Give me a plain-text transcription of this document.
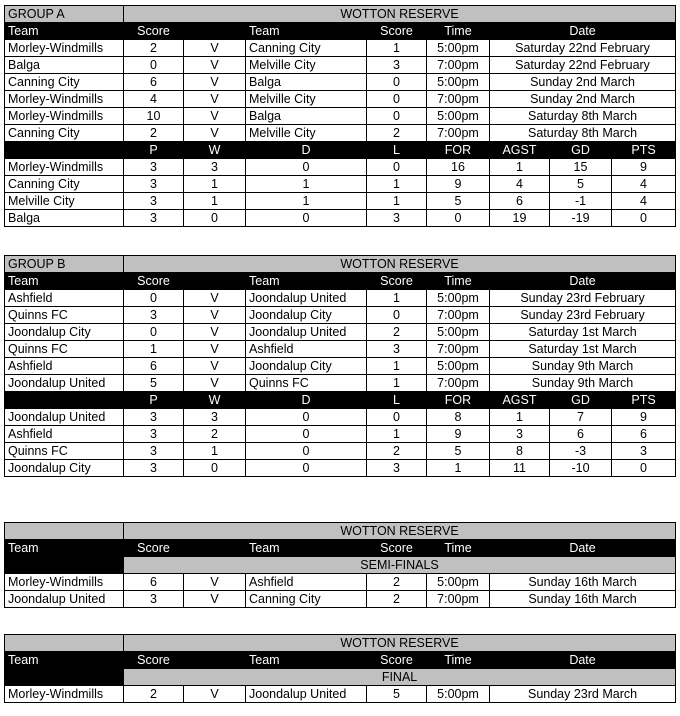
GROUP A	WOTTON RESERVE							
Team	Score		Team	Score	Time	Date		
Morley-Windmills	2	V	Canning City	1	5:00pm	Saturday 22nd February		
Balga	0	V	Melville City	3	7:00pm	Saturday 22nd February		
Canning City	6	V	Balga	0	5:00pm	Sunday 2nd March		
Morley-Windmills	4	V	Melville City	0	7:00pm	Sunday 2nd March		
Morley-Windmills	10	V	Balga	0	5:00pm	Saturday 8th March		
Canning City	2	V	Melville City	2	7:00pm	Saturday 8th March		
	P	W	D	L	FOR	AGST	GD	PTS
Morley-Windmills	3	3	0	0	16	1	15	9
Canning City	3	1	1	1	9	4	5	4
Melville City	3	1	1	1	5	6	-1	4
Balga	3	0	0	3	0	19	-19	0
GROUP B	WOTTON RESERVE							
Team	Score		Team	Score	Time	Date		
Ashfield	0	V	Joondalup United	1	5:00pm	Sunday 23rd February		
Quinns FC	3	V	Joondalup City	0	7:00pm	Sunday 23rd February		
Joondalup City	0	V	Joondalup United	2	5:00pm	Saturday 1st March		
Quinns FC	1	V	Ashfield	3	7:00pm	Saturday 1st March		
Ashfield	6	V	Joondalup City	1	5:00pm	Sunday 9th March		
Joondalup United	5	V	Quinns FC	1	7:00pm	Sunday 9th March		
	P	W	D	L	FOR	AGST	GD	PTS
Joondalup United	3	3	0	0	8	1	7	9
Ashfield	3	2	0	1	9	3	6	6
Quinns FC	3	1	0	2	5	8	-3	3
Joondalup City	3	0	0	3	1	11	-10	0
	WOTTON RESERVE					
Team	Score		Team	Score	Time	Date
	SEMI-FINALS					
Morley-Windmills	6	V	Ashfield	2	5:00pm	Sunday 16th March
Joondalup United	3	V	Canning City	2	7:00pm	Sunday 16th March
	WOTTON RESERVE					
Team	Score		Team	Score	Time	Date
	FINAL					
Morley-Windmills	2	V	Joondalup United	5	5:00pm	Sunday 23rd March
